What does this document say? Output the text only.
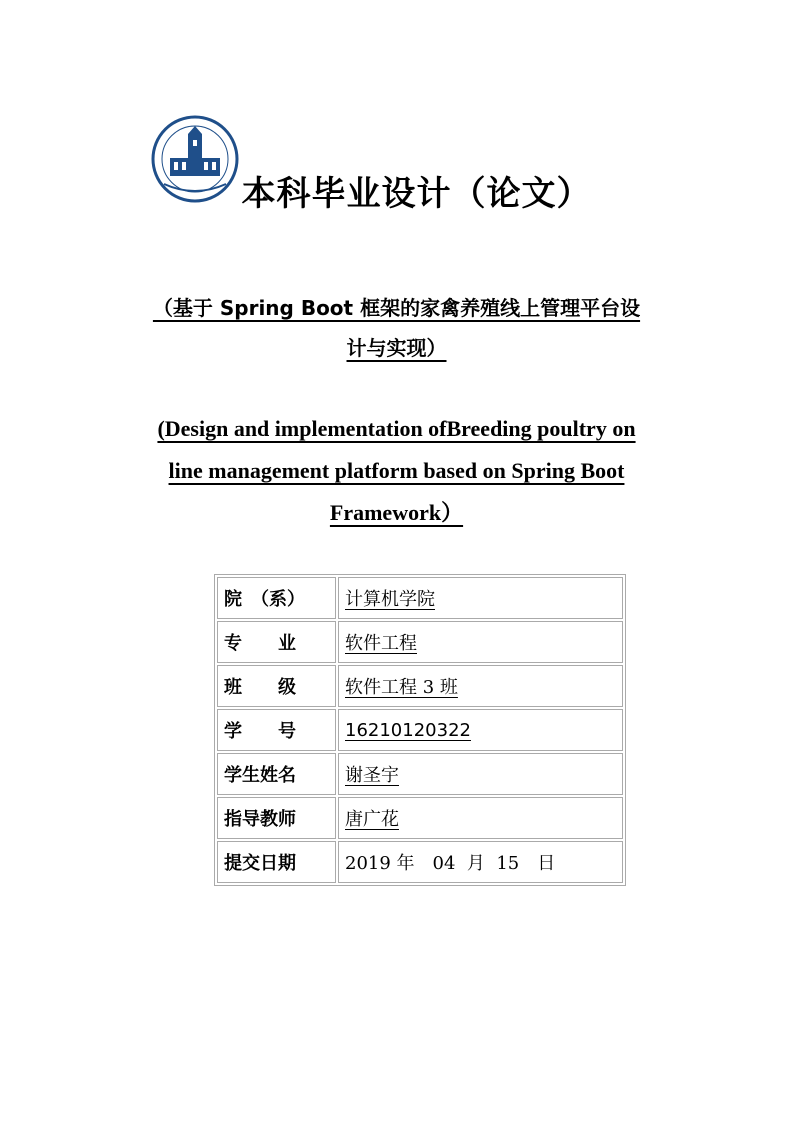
本科毕业设计（论文）
（基于 Spring Boot 框架的家禽养殖线上管理平台设
计与实现）
(Design and implementation ofBreeding poultry on
line management platform based on Spring Boot
Framework）
院　（系）	计算机学院
专　　业	软件工程
班　　级	软件工程 3 班
学　　号	16210120322
学生姓名	谢圣宇
指导教师	唐广花
提交日期	2019 年　04  月  15　日
